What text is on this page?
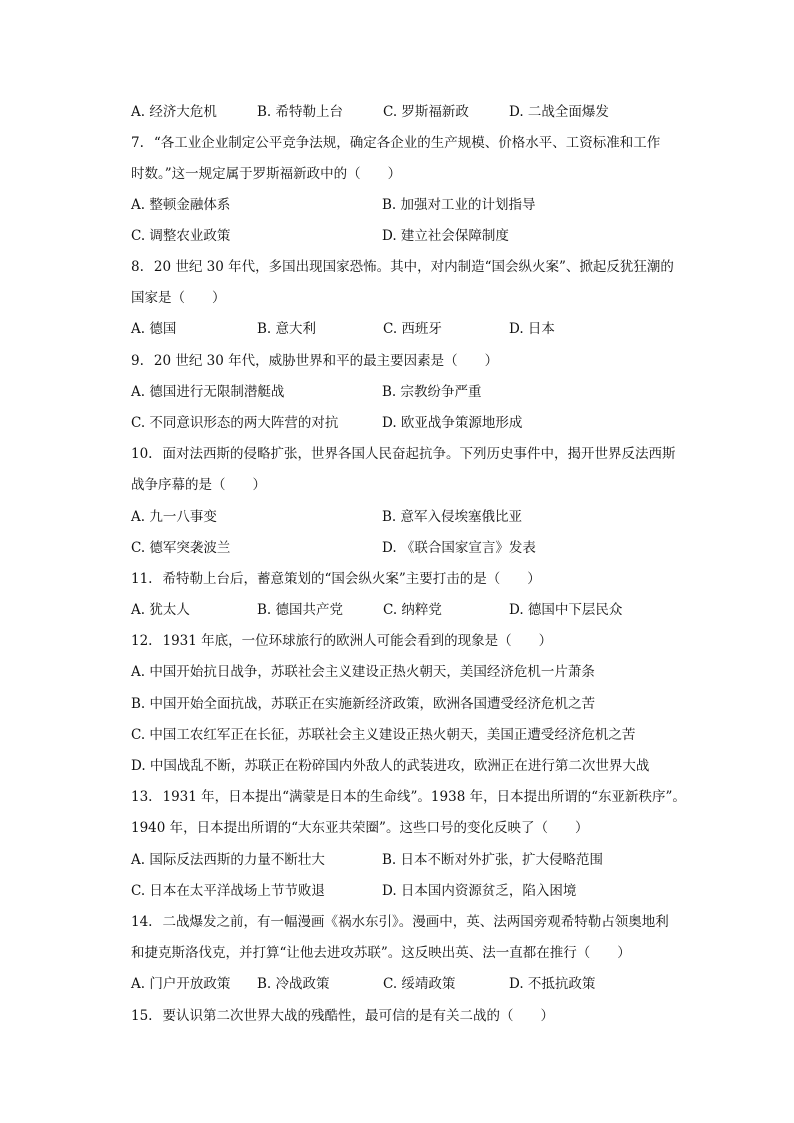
A. 经济大危机	B. 希特勒上台	C. 罗斯福新政	D. 二战全面爆发
7. “各工业企业制定公平竞争法规，确定各企业的生产规模、价格水平、工资标准和工作
时数。”这一规定属于罗斯福新政中的（　　）
A. 整顿金融体系	B. 加强对工业的计划指导
C. 调整农业政策	D. 建立社会保障制度
8. 20 世纪 30 年代，多国出现国家恐怖。其中，对内制造“国会纵火案”、掀起反犹狂潮的
国家是（　　）
A. 德国	B. 意大利	C. 西班牙	D. 日本
9. 20 世纪 30 年代，威胁世界和平的最主要因素是（　　）
A. 德国进行无限制潜艇战	B. 宗教纷争严重
C. 不同意识形态的两大阵营的对抗	D. 欧亚战争策源地形成
10. 面对法西斯的侵略扩张，世界各国人民奋起抗争。下列历史事件中，揭开世界反法西斯
战争序幕的是（　　）
A. 九一八事变	B. 意军入侵埃塞俄比亚
C. 德军突袭波兰	D. 《联合国家宣言》发表
11. 希特勒上台后，蓄意策划的“国会纵火案”主要打击的是（　　）
A. 犹太人	B. 德国共产党	C. 纳粹党	D. 德国中下层民众
12. 1931 年底，一位环球旅行的欧洲人可能会看到的现象是（　　）
A. 中国开始抗日战争，苏联社会主义建设正热火朝天，美国经济危机一片萧条
B. 中国开始全面抗战，苏联正在实施新经济政策，欧洲各国遭受经济危机之苦
C. 中国工农红军正在长征，苏联社会主义建设正热火朝天，美国正遭受经济危机之苦
D. 中国战乱不断，苏联正在粉碎国内外敌人的武装进攻，欧洲正在进行第二次世界大战
13. 1931 年，日本提出“满蒙是日本的生命线”。1938 年，日本提出所谓的“东亚新秩序”。
1940 年，日本提出所谓的“大东亚共荣圈”。这些口号的变化反映了（　　）
A. 国际反法西斯的力量不断壮大	B. 日本不断对外扩张，扩大侵略范围
C. 日本在太平洋战场上节节败退	D. 日本国内资源贫乏，陷入困境
14. 二战爆发之前，有一幅漫画《祸水东引》。漫画中，英、法两国旁观希特勒占领奥地利
和捷克斯洛伐克，并打算“让他去进攻苏联”。这反映出英、法一直都在推行（　　）
A. 门户开放政策 B. 冷战政策	C. 绥靖政策	D. 不抵抗政策
15. 要认识第二次世界大战的残酷性，最可信的是有关二战的（　　）
